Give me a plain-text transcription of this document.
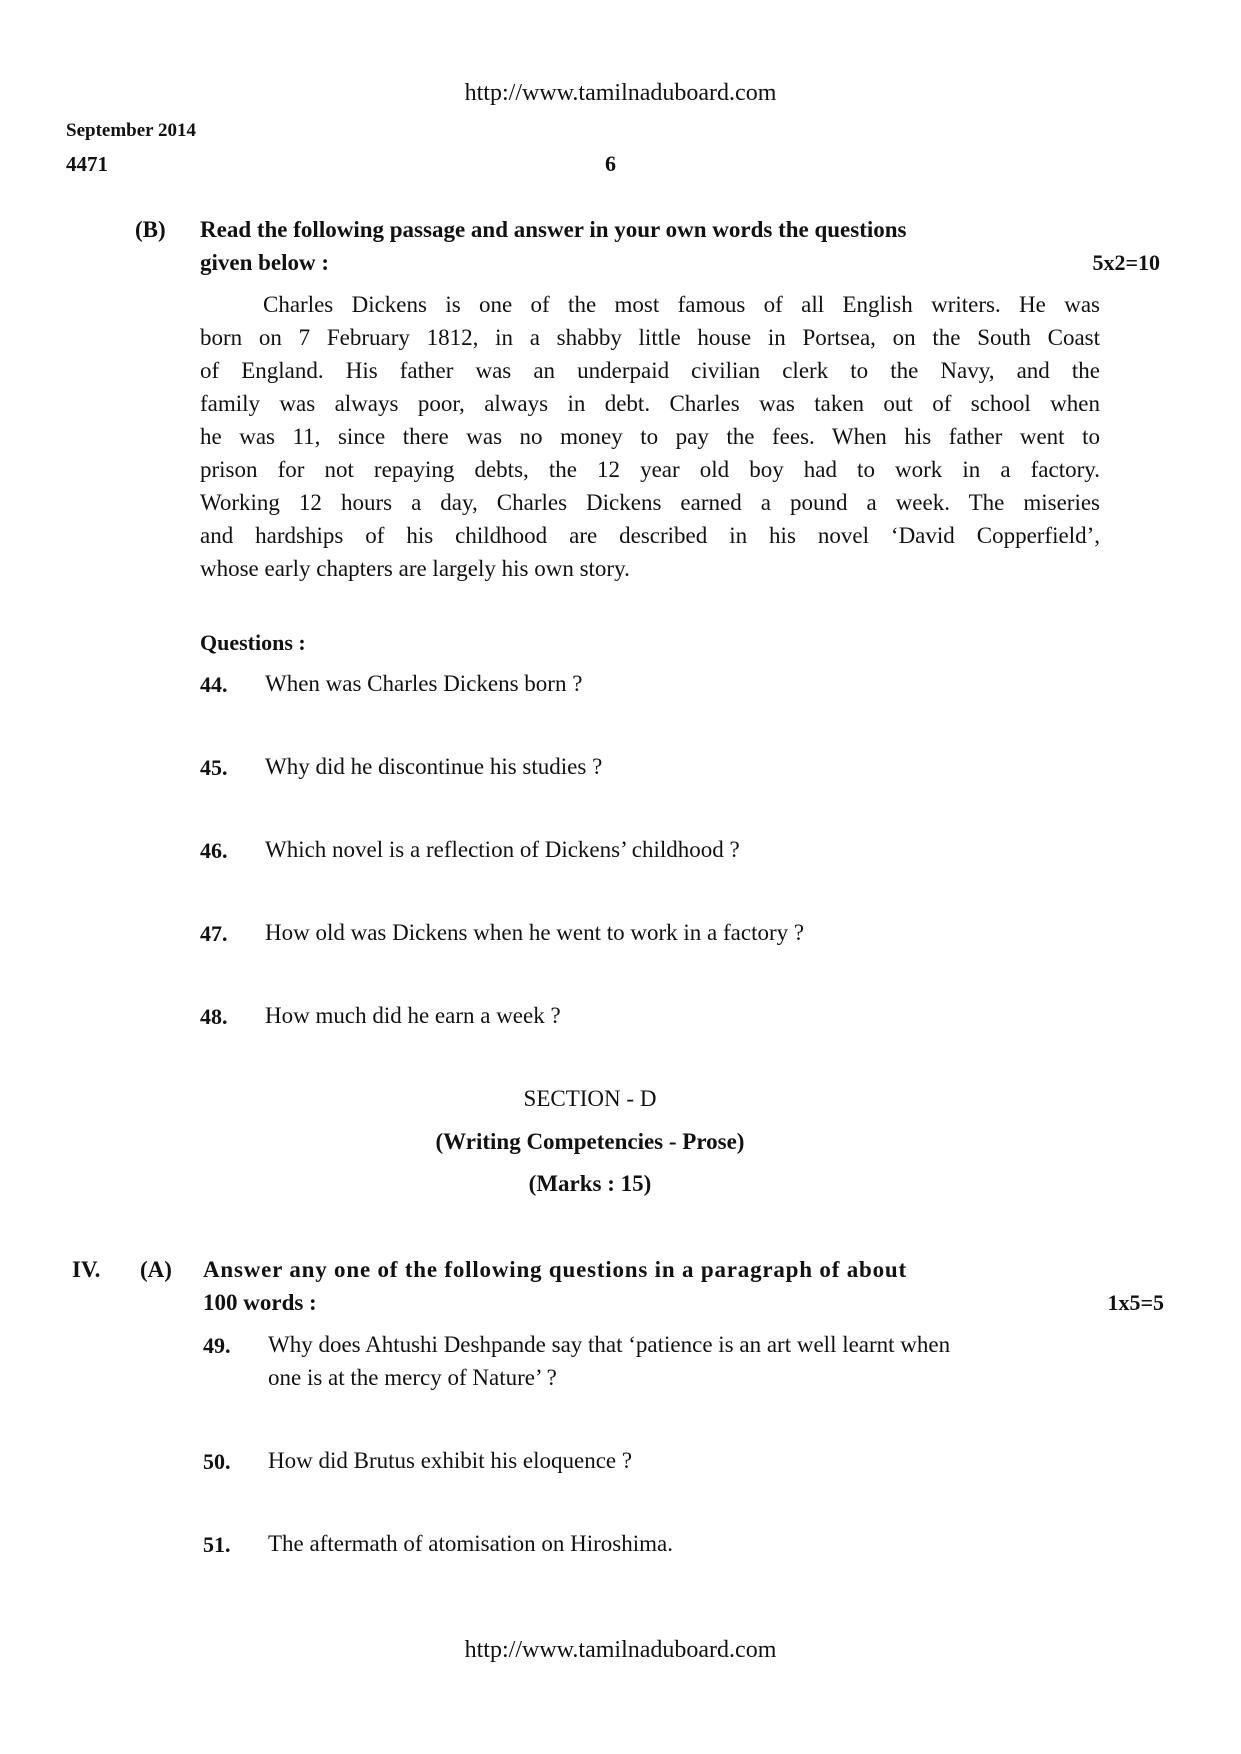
http://www.tamilnaduboard.com
September 2014
4471	6
(B) Read the following passage and answer in your own words the questions
given below :	5x2=10
Charles Dickens is one of the most famous of all English writers. He was
born on 7 February 1812, in a shabby little house in Portsea, on the South Coast
of England. His father was an underpaid civilian clerk to the Navy, and the
family was always poor, always in debt. Charles was taken out of school when
he was 11, since there was no money to pay the fees. When his father went to
prison for not repaying debts, the 12 year old boy had to work in a factory.
Working 12 hours a day, Charles Dickens earned a pound a week. The miseries
and hardships of his childhood are described in his novel ‘David Copperfield’,
whose early chapters are largely his own story.
Questions :
44. When was Charles Dickens born ?
45. Why did he discontinue his studies ?
46. Which novel is a reflection of Dickens’ childhood ?
47. How old was Dickens when he went to work in a factory ?
48. How much did he earn a week ?
SECTION - D
(Writing Competencies - Prose)
(Marks : 15)
IV. (A) Answer any one of the following questions in a paragraph of about
100 words :	1x5=5
49. Why does Ahtushi Deshpande say that ‘patience is an art well learnt when
one is at the mercy of Nature’ ?
50. How did Brutus exhibit his eloquence ?
51. The aftermath of atomisation on Hiroshima.
http://www.tamilnaduboard.com
